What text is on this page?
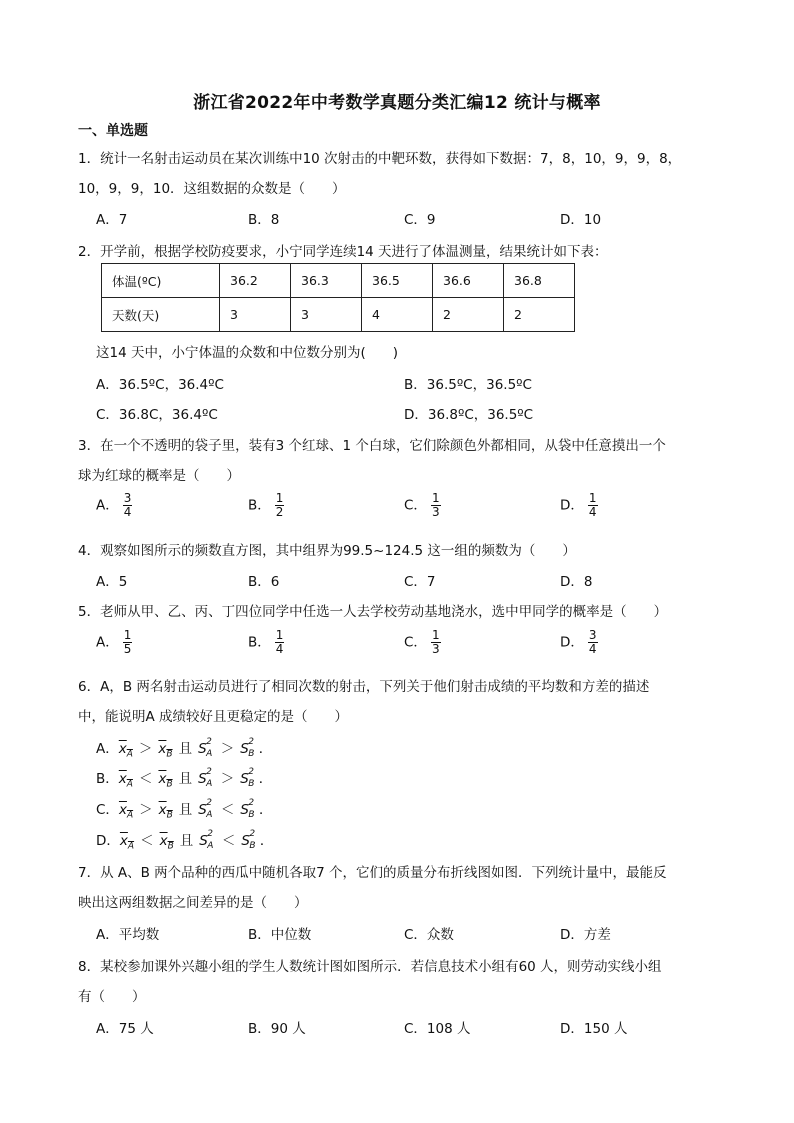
浙江省2022年中考数学真题分类汇编12 统计与概率
一、单选题
1．统计一名射击运动员在某次训练中10 次射击的中靶环数，获得如下数据：7，8，10，9，9，8，
10，9，9，10．这组数据的众数是（　　）
A．7	B．8	C．9	D．10
2．开学前，根据学校防疫要求，小宁同学连续14 天进行了体温测量，结果统计如下表：
体温(ºC)	36.2	36.3	36.5	36.6	36.8
天数(天)	3	3	4	2	2
这14 天中，小宁体温的众数和中位数分别为(　　)
A．36.5ºC，36.4ºC	B．36.5ºC，36.5ºC
C．36.8C，36.4ºC	D．36.8ºC，36.5ºC
3．在一个不透明的袋子里，装有3 个红球、1 个白球，它们除颜色外都相同，从袋中任意摸出一个
球为红球的概率是（　　）
A． $\frac{3}{4}$	B． $\frac{1}{2}$	C． $\frac{1}{3}$	D． $\frac{1}{4}$
4．观察如图所示的频数直方图，其中组界为99.5~124.5 这一组的频数为（　　）
A．5	B．6	C．7	D．8
5．老师从甲、乙、丙、丁四位同学中任选一人去学校劳动基地浇水，选中甲同学的概率是（　　）
A． $\frac{1}{5}$	B． $\frac{1}{4}$	C． $\frac{1}{3}$	D． $\frac{3}{4}$
6．A，B 两名射击运动员进行了相同次数的射击，下列关于他们射击成绩的平均数和方差的描述
中，能说明A 成绩较好且更稳定的是（　　）
A．$x_A > x_B$ 且 S 2
A ＞ S 2
B ．
B．$x_A < x_B$ 且 S 2
A ＞ S 2
B ．
C．$x_A > x_B$ 且 S 2
A ＜ S 2
B ．
D．$x_A < x_B$ 且 S 2
A ＜ S 2
B ．
7．从 A、B 两个品种的西瓜中随机各取7 个，它们的质量分布折线图如图．下列统计量中，最能反
映出这两组数据之间差异的是（　　）
A．平均数	B．中位数	C．众数	D．方差
8．某校参加课外兴趣小组的学生人数统计图如图所示．若信息技术小组有60 人，则劳动实线小组
有（　　）
A．75 人	B．90 人	C．108 人	D．150 人
